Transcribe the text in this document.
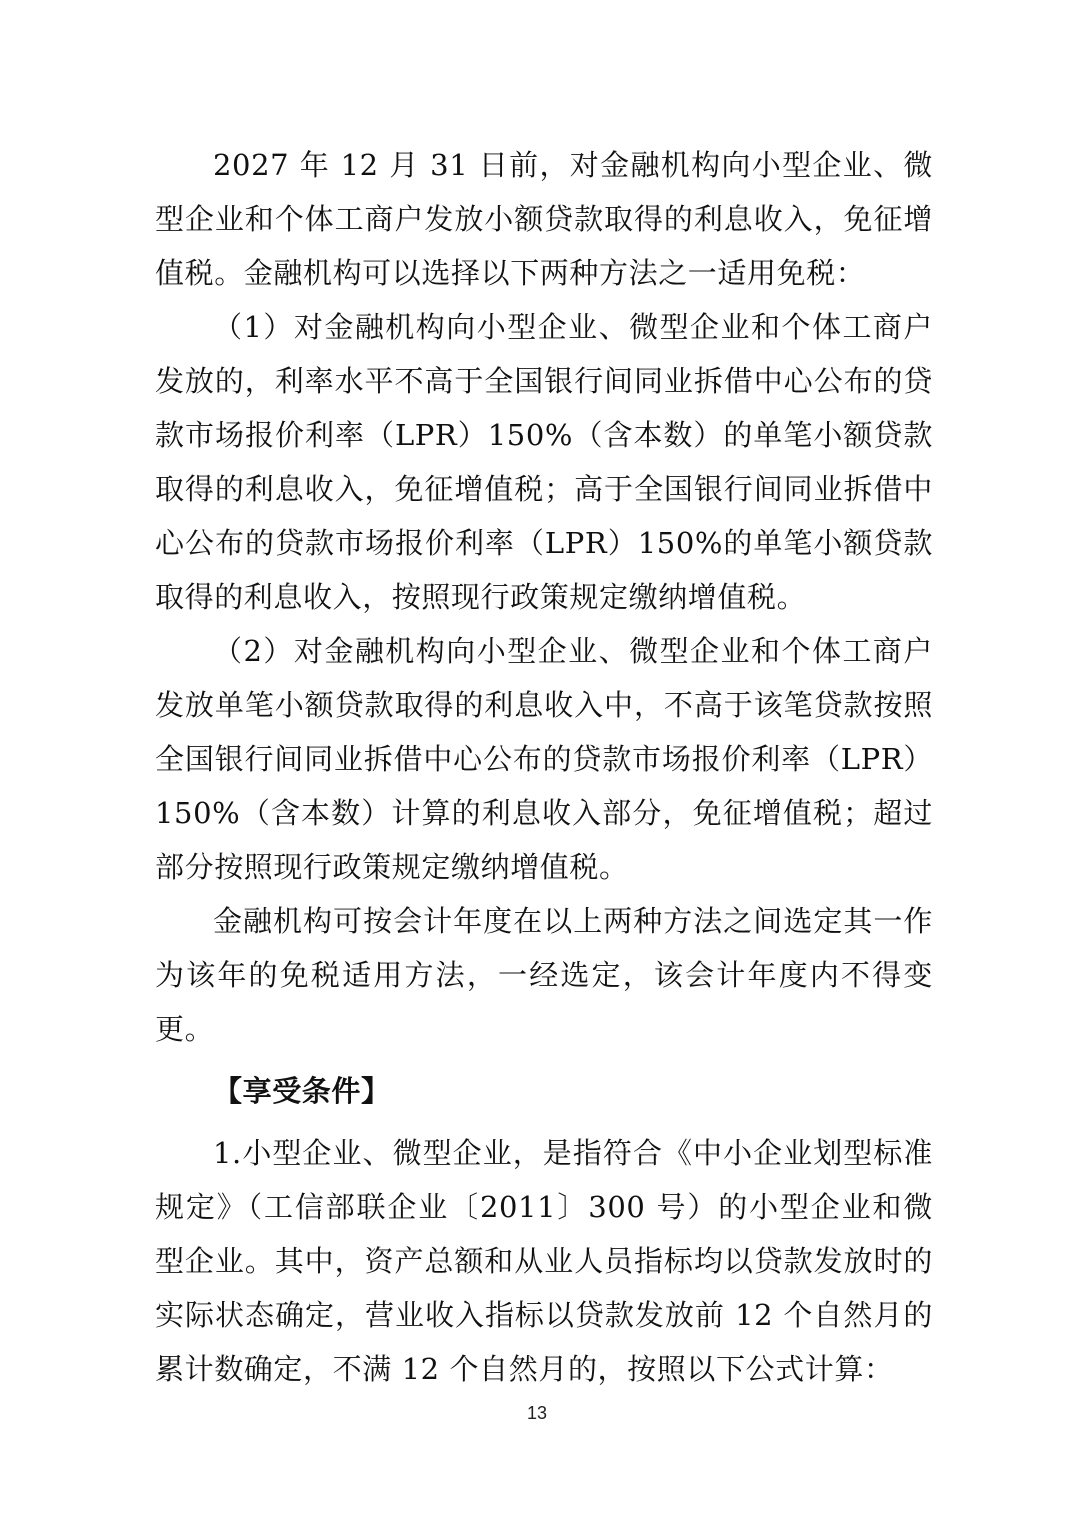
2027 年 12 月 31 日前，对金融机构向小型企业、微型企业和个体工商户发放小额贷款取得的利息收入，免征增值税。金融机构可以选择以下两种方法之一适用免税：

（1）对金融机构向小型企业、微型企业和个体工商户发放的，利率水平不高于全国银行间同业拆借中心公布的贷款市场报价利率（LPR）150%（含本数）的单笔小额贷款取得的利息收入，免征增值税；高于全国银行间同业拆借中心公布的贷款市场报价利率（LPR）150%的单笔小额贷款取得的利息收入，按照现行政策规定缴纳增值税。

（2）对金融机构向小型企业、微型企业和个体工商户发放单笔小额贷款取得的利息收入中，不高于该笔贷款按照全国银行间同业拆借中心公布的贷款市场报价利率（LPR）150%（含本数）计算的利息收入部分，免征增值税；超过部分按照现行政策规定缴纳增值税。

金融机构可按会计年度在以上两种方法之间选定其一作为该年的免税适用方法，一经选定，该会计年度内不得变更。

【享受条件】

1.小型企业、微型企业，是指符合《中小企业划型标准规定》（工信部联企业〔2011〕300 号）的小型企业和微型企业。其中，资产总额和从业人员指标均以贷款发放时的实际状态确定，营业收入指标以贷款发放前 12 个自然月的累计数确定，不满 12 个自然月的，按照以下公式计算：

13
